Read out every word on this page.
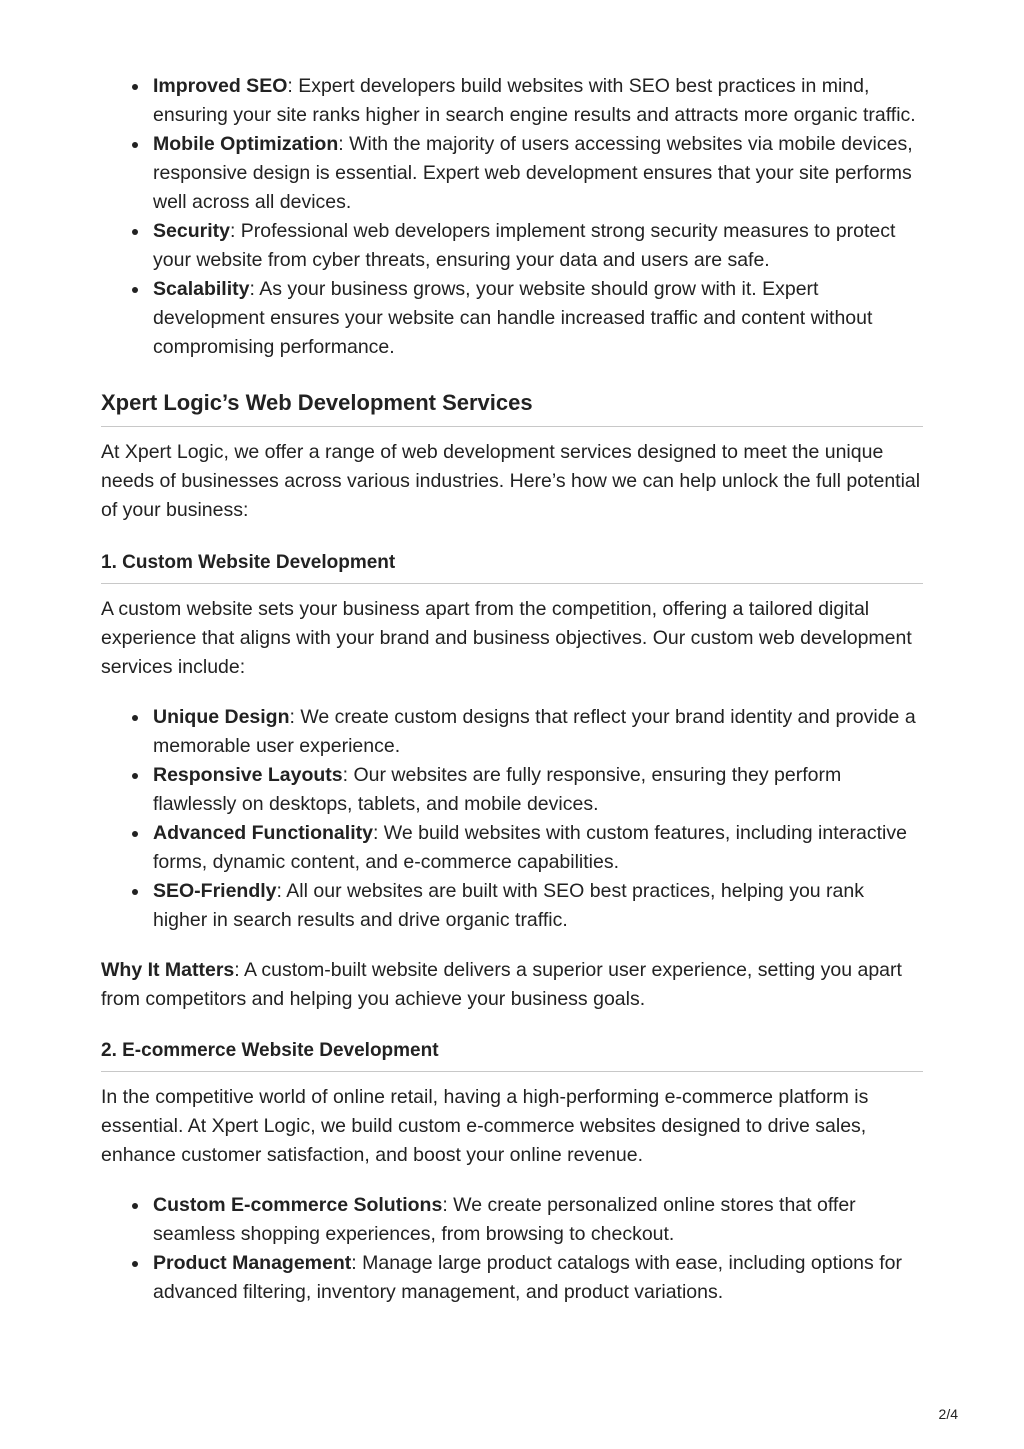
Improved SEO: Expert developers build websites with SEO best practices in mind, ensuring your site ranks higher in search engine results and attracts more organic traffic.
Mobile Optimization: With the majority of users accessing websites via mobile devices, responsive design is essential. Expert web development ensures that your site performs well across all devices.
Security: Professional web developers implement strong security measures to protect your website from cyber threats, ensuring your data and users are safe.
Scalability: As your business grows, your website should grow with it. Expert development ensures your website can handle increased traffic and content without compromising performance.
Xpert Logic’s Web Development Services

At Xpert Logic, we offer a range of web development services designed to meet the unique needs of businesses across various industries. Here’s how we can help unlock the full potential of your business:

1. Custom Website Development

A custom website sets your business apart from the competition, offering a tailored digital experience that aligns with your brand and business objectives. Our custom web development services include:

Unique Design: We create custom designs that reflect your brand identity and provide a memorable user experience.
Responsive Layouts: Our websites are fully responsive, ensuring they perform flawlessly on desktops, tablets, and mobile devices.
Advanced Functionality: We build websites with custom features, including interactive forms, dynamic content, and e-commerce capabilities.
SEO-Friendly: All our websites are built with SEO best practices, helping you rank higher in search results and drive organic traffic.

Why It Matters: A custom-built website delivers a superior user experience, setting you apart from competitors and helping you achieve your business goals.

2. E-commerce Website Development

In the competitive world of online retail, having a high-performing e-commerce platform is essential. At Xpert Logic, we build custom e-commerce websites designed to drive sales, enhance customer satisfaction, and boost your online revenue.

Custom E-commerce Solutions: We create personalized online stores that offer seamless shopping experiences, from browsing to checkout.
Product Management: Manage large product catalogs with ease, including options for advanced filtering, inventory management, and product variations.
2/4
